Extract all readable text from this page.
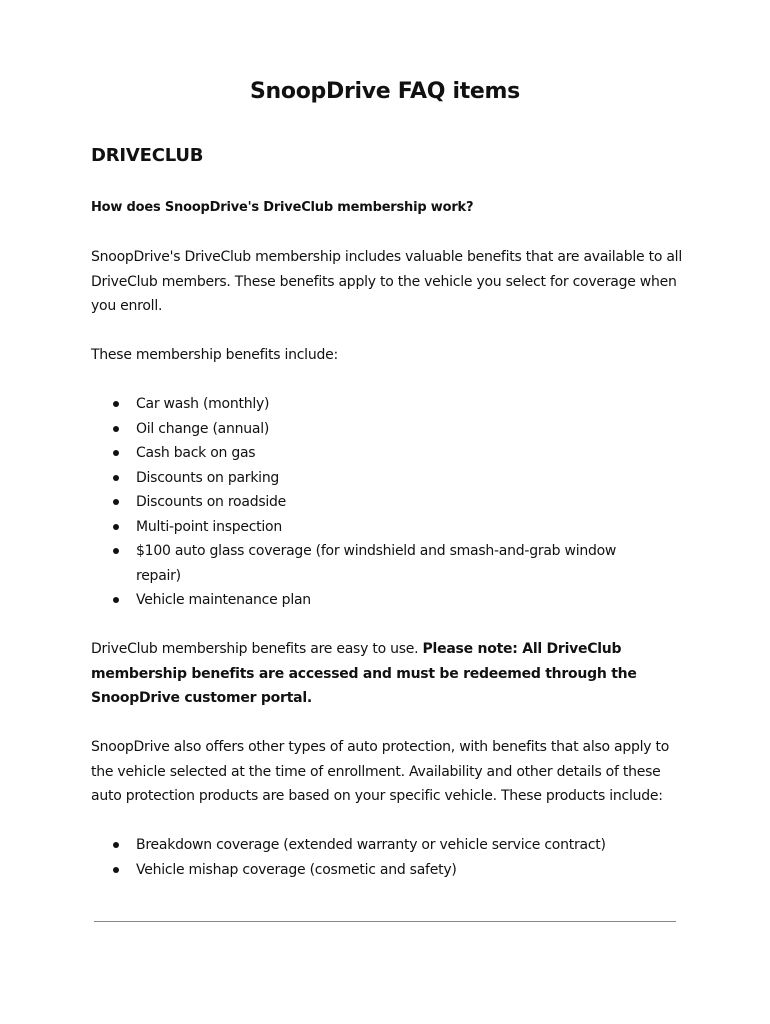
SnoopDrive FAQ items
DRIVECLUB

How does SnoopDrive's DriveClub membership work?

SnoopDrive's DriveClub membership includes valuable benefits that are available to all DriveClub members. These benefits apply to the vehicle you select for coverage when you enroll.

These membership benefits include:

Car wash (monthly)
Oil change (annual)
Cash back on gas
Discounts on parking
Discounts on roadside
Multi-point inspection
$100 auto glass coverage (for windshield and smash-and-grab window repair)
Vehicle maintenance plan

DriveClub membership benefits are easy to use. Please note: All DriveClub membership benefits are accessed and must be redeemed through the SnoopDrive customer portal.

SnoopDrive also offers other types of auto protection, with benefits that also apply to the vehicle selected at the time of enrollment. Availability and other details of these auto protection products are based on your specific vehicle. These products include:

Breakdown coverage (extended warranty or vehicle service contract)
Vehicle mishap coverage (cosmetic and safety)
